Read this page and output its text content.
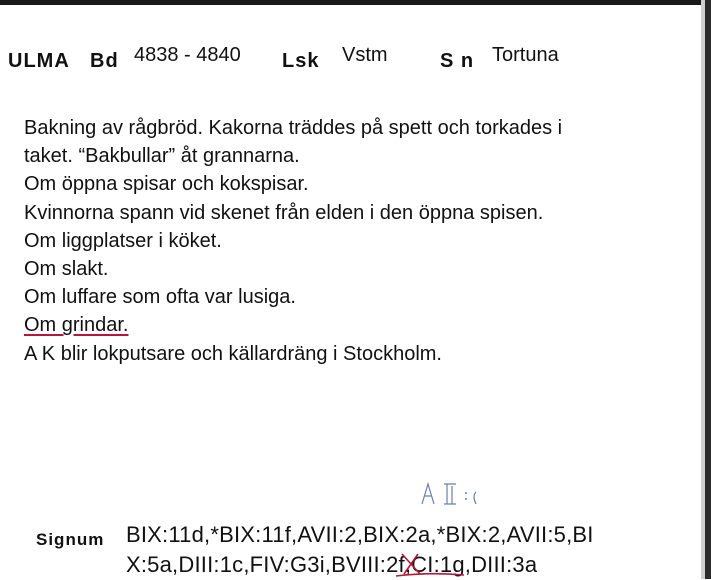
ULMA Bd 4838 - 4840 Lsk Vstm	S n Tortuna
Bakning av rågbröd. Kakorna träddes på spett och torkades i
taket. “Bakbullar” åt grannarna.
Om öppna spisar och kokspisar.
Kvinnorna spann vid skenet från elden i den öppna spisen.
Om liggplatser i köket.
Om slakt.
Om luffare som ofta var lusiga.
Om grindar.
A K blir lokputsare och källardräng i Stockholm.
Signum BIX:11d,*BIX:11f,AVII:2,BIX:2a,*BIX:2,AVII:5,BI
X:5a,DIII:1c,FIV:G3i,BVIII:2f,CI:1g,DIII:3a
